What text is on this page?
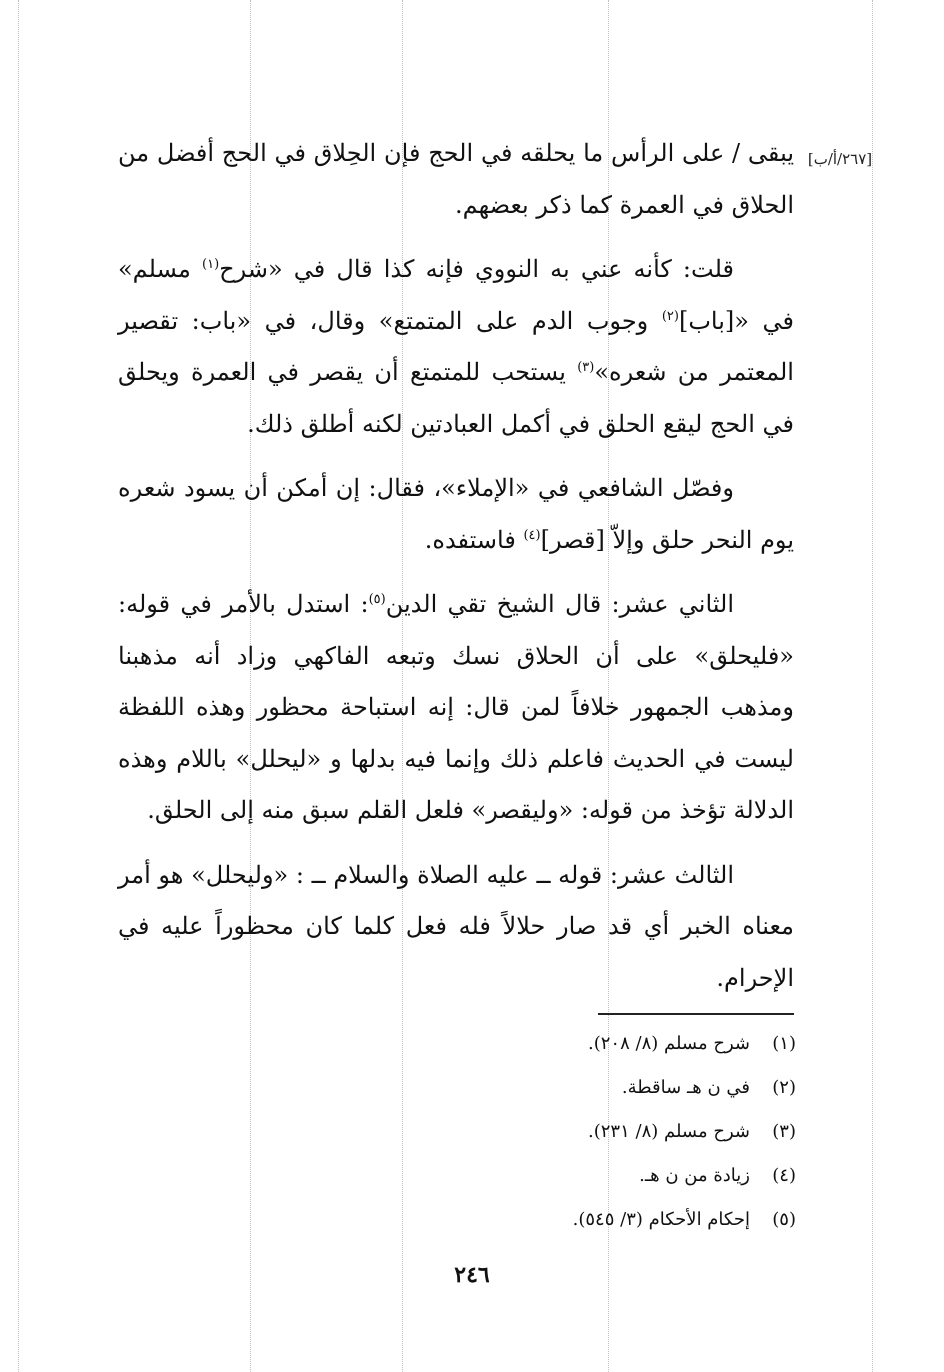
[٢٦٧/أ/ب]

يبقى / على الرأس ما يحلقه في الحج فإن الحِلاق في الحج أفضل من الحلاق في العمرة كما ذكر بعضهم.

قلت: كأنه عني به النووي فإنه كذا قال في «شرح$^{(١)}$ مسلم» في «[باب]$^{(٢)}$ وجوب الدم على المتمتع» وقال، في «باب: تقصير المعتمر من شعره»$^{(٣)}$ يستحب للمتمتع أن يقصر في العمرة ويحلق في الحج ليقع الحلق في أكمل العبادتين لكنه أطلق ذلك.

وفصّل الشافعي في «الإملاء»، فقال: إن أمكن أن يسود شعره يوم النحر حلق وإلاّ [قصر]$^{(٤)}$ فاستفده.

الثاني عشر: قال الشيخ تقي الدين$^{(٥)}$: استدل بالأمر في قوله: «فليحلق» على أن الحلاق نسك وتبعه الفاكهي وزاد أنه مذهبنا ومذهب الجمهور خلافاً لمن قال: إنه استباحة محظور وهذه اللفظة ليست في الحديث فاعلم ذلك وإنما فيه بدلها و «ليحلل» باللام وهذه الدلالة تؤخذ من قوله: «وليقصر» فلعل القلم سبق منه إلى الحلق.

الثالث عشر: قوله ــ عليه الصلاة والسلام ــ : «وليحلل» هو أمر معناه الخبر أي قد صار حلالاً فله فعل كلما كان محظوراً عليه في الإحرام.

(١)
شرح مسلم (٨/ ٢٠٨).
(٢)
في ن هـ ساقطة.
(٣)
شرح مسلم (٨/ ٢٣١).
(٤)
زيادة من ن هـ.
(٥)
إحكام الأحكام (٣/ ٥٤٥).
٢٤٦
